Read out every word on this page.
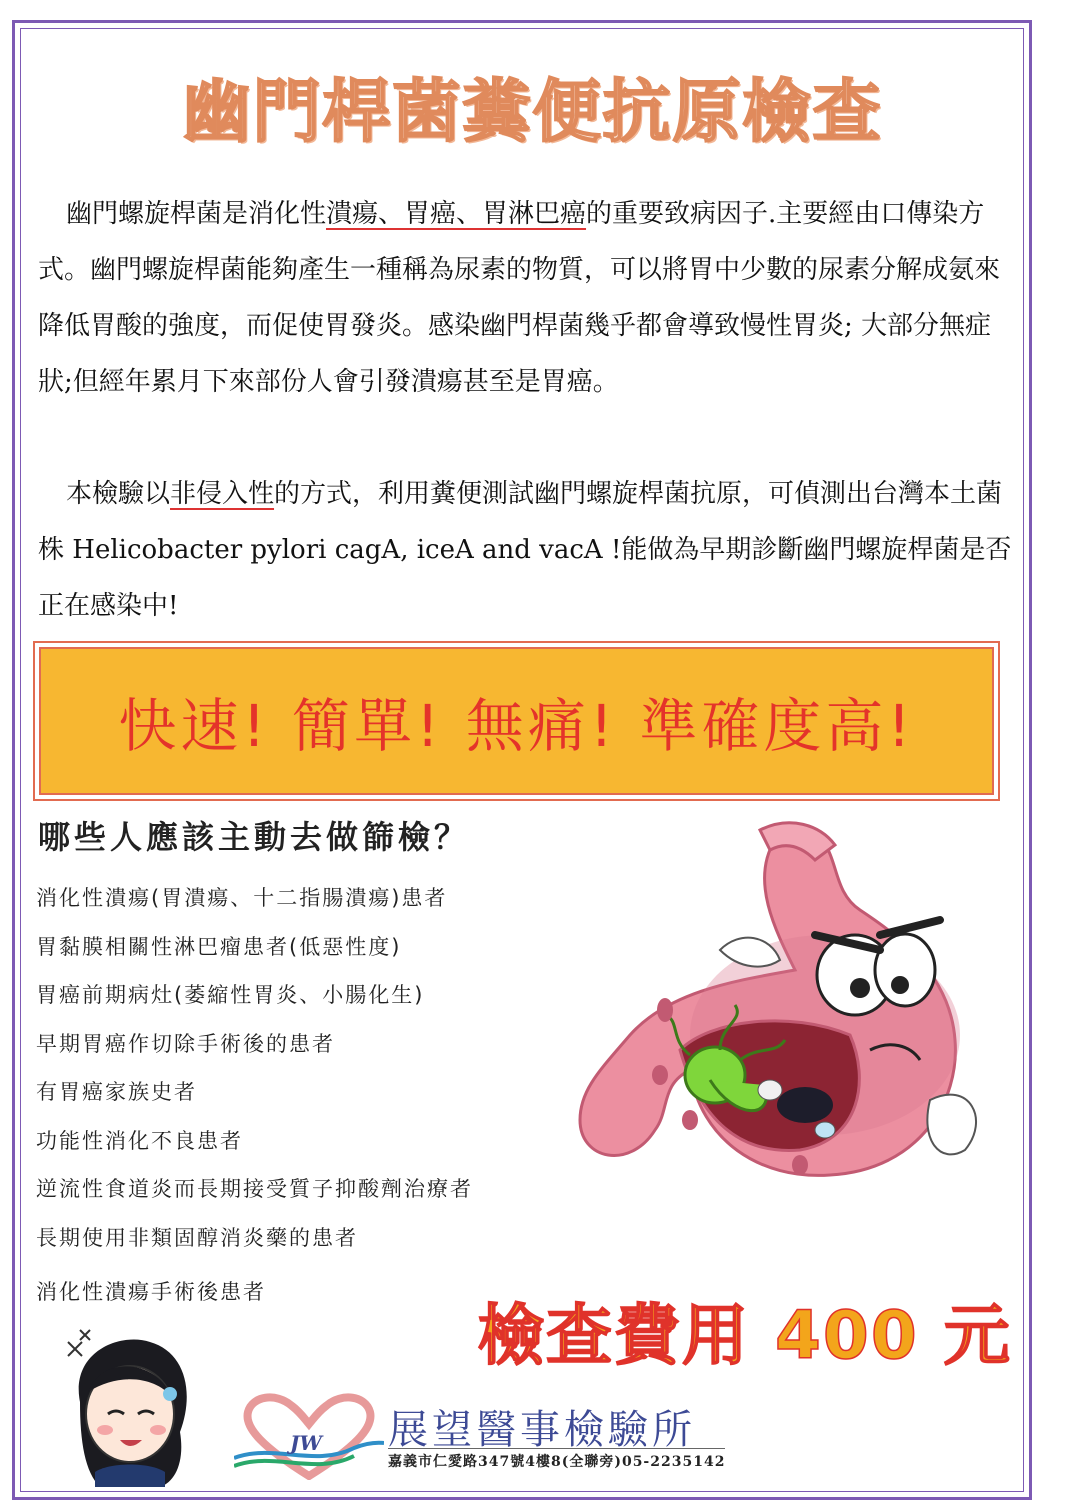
幽門桿菌糞便抗原檢查

幽門螺旋桿菌是消化性潰瘍、胃癌、胃淋巴癌的重要致病因子.主要經由口傳染方式。幽門螺旋桿菌能夠產生一種稱為尿素的物質，可以將胃中少數的尿素分解成氨來降低胃酸的強度，而促使胃發炎。感染幽門桿菌幾乎都會導致慢性胃炎; 大部分無症狀;但經年累月下來部份人會引發潰瘍甚至是胃癌。

本檢驗以非侵入性的方式，利用糞便測試幽門螺旋桿菌抗原，可偵測出台灣本土菌株 Helicobacter pylori cagA, iceA and vacA !能做為早期診斷幽門螺旋桿菌是否正在感染中!

快速! 簡單! 無痛! 準確度高!
哪些人應該主動去做篩檢？
消化性潰瘍(胃潰瘍、十二指腸潰瘍)患者
胃黏膜相關性淋巴瘤患者(低惡性度)
胃癌前期病灶(萎縮性胃炎、小腸化生)
早期胃癌作切除手術後的患者
有胃癌家族史者
功能性消化不良患者
逆流性食道炎而長期接受質子抑酸劑治療者
長期使用非類固醇消炎藥的患者
消化性潰瘍手術後患者
檢查費用 400 元
JW 展望醫事檢驗所
嘉義市仁愛路347號4樓8(全聯旁)05-2235142
